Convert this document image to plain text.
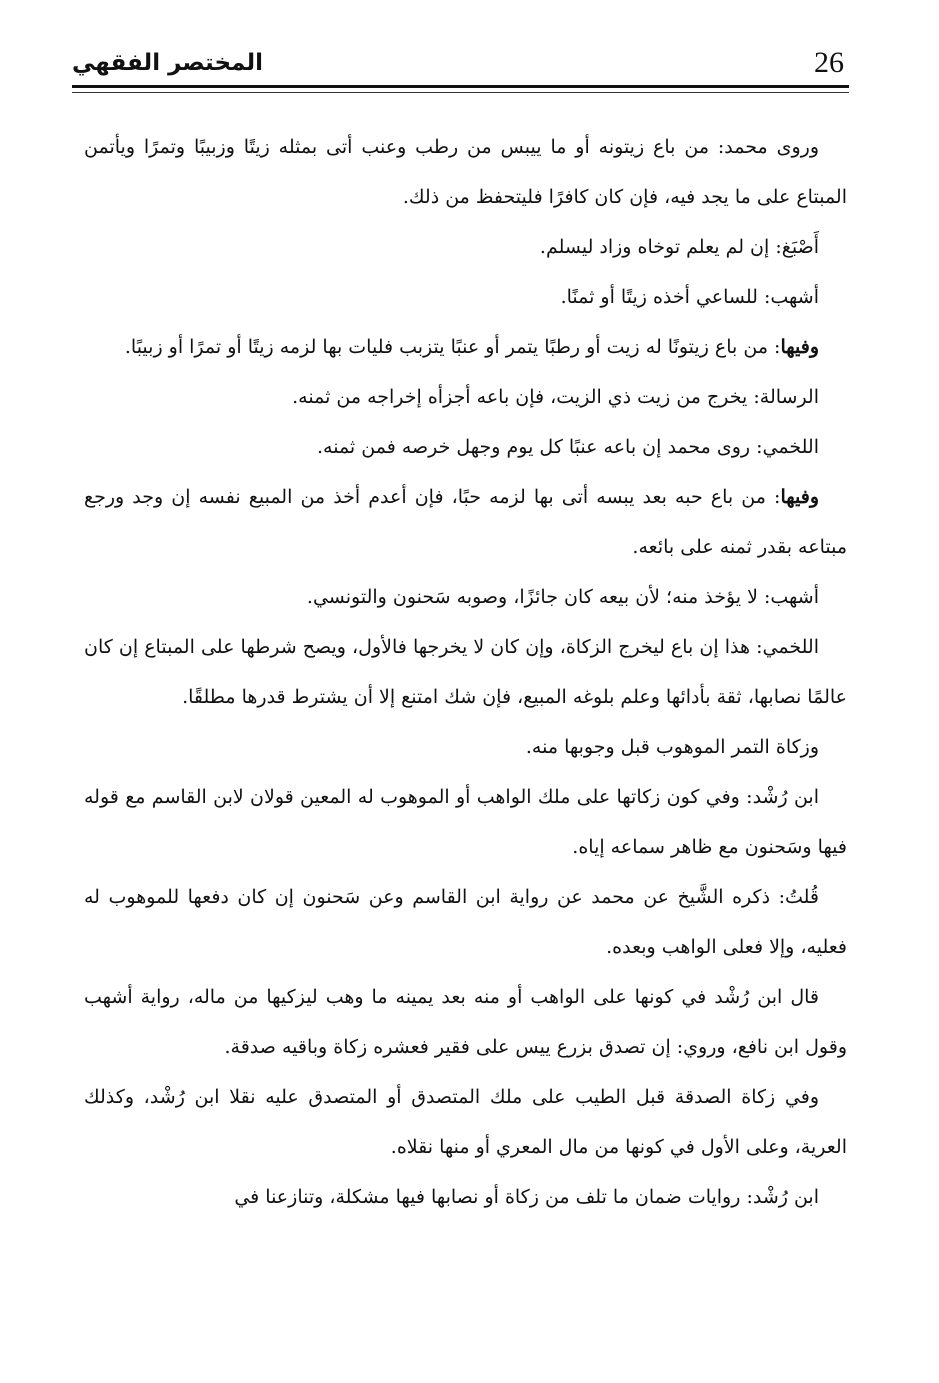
26
المختصر الفقهي

وروى محمد: من باع زيتونه أو ما ييبس من رطب وعنب أتى بمثله زيتًا وزبيبًا وتمرًا ويأتمن المبتاع على ما يجد فيه، فإن كان كافرًا فليتحفظ من ذلك.

أَصْبَغ: إن لم يعلم توخاه وزاد ليسلم.

أشهب: للساعي أخذه زيتًا أو ثمنًا.

وفيها: من باع زيتونًا له زيت أو رطبًا يتمر أو عنبًا يتزبب فليات بها لزمه زيتًا أو تمرًا أو زبيبًا.

الرسالة: يخرج من زيت ذي الزيت، فإن باعه أجزأه إخراجه من ثمنه.

اللخمي: روى محمد إن باعه عنبًا كل يوم وجهل خرصه فمن ثمنه.

وفيها: من باع حبه بعد يبسه أتى بها لزمه حبًا، فإن أعدم أخذ من المبيع نفسه إن وجد ورجع مبتاعه بقدر ثمنه على بائعه.

أشهب: لا يؤخذ منه؛ لأن بيعه كان جائزًا، وصوبه سَحنون والتونسي.

اللخمي: هذا إن باع ليخرج الزكاة، وإن كان لا يخرجها فالأول، ويصح شرطها على المبتاع إن كان عالمًا نصابها، ثقة بأدائها وعلم بلوغه المبيع، فإن شك امتنع إلا أن يشترط قدرها مطلقًا.

وزكاة التمر الموهوب قبل وجوبها منه.

ابن رُشْد: وفي كون زكاتها على ملك الواهب أو الموهوب له المعين قولان لابن القاسم مع قوله فيها وسَحنون مع ظاهر سماعه إياه.

قُلتُ: ذكره الشَّيخ عن محمد عن رواية ابن القاسم وعن سَحنون إن كان دفعها للموهوب له فعليه، وإلا فعلى الواهب وبعده.

قال ابن رُشْد في كونها على الواهب أو منه بعد يمينه ما وهب ليزكيها من ماله، رواية أشهب وقول ابن نافع، وروي: إن تصدق بزرع ييس على فقير فعشره زكاة وباقيه صدقة.

وفي زكاة الصدقة قبل الطيب على ملك المتصدق أو المتصدق عليه نقلا ابن رُشْد، وكذلك العرية، وعلى الأول في كونها من مال المعري أو منها نقلاه.

ابن رُشْد: روايات ضمان ما تلف من زكاة أو نصابها فيها مشكلة، وتنازعنا في
